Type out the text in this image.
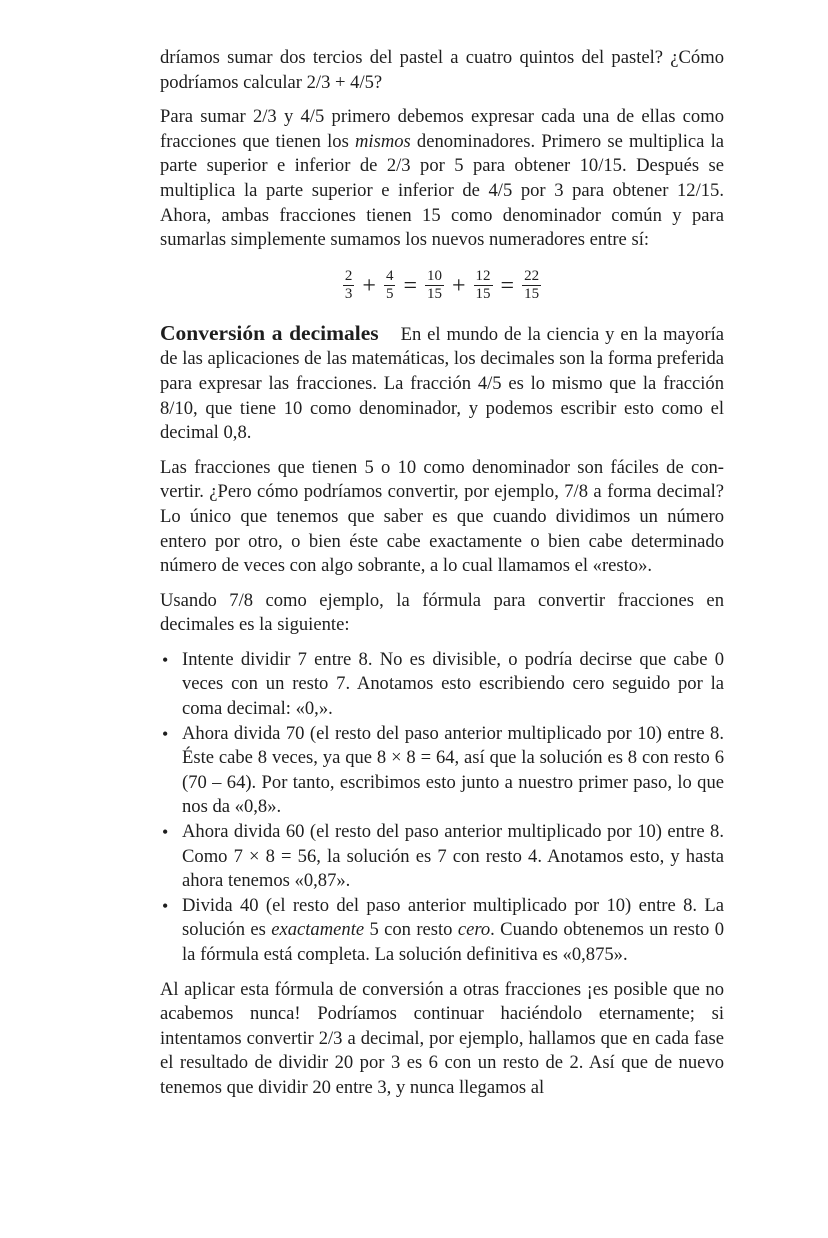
dríamos sumar dos tercios del pastel a cuatro quintos del pastel? ¿Cómo podríamos calcular 2/3 + 4/5?

Para sumar 2/3 y 4/5 primero debemos expresar cada una de ellas como fracciones que tienen los mismos denominadores. Primero se multiplica la parte superior e inferior de 2/3 por 5 para obtener 10/15. Después se multiplica la parte superior e inferior de 4/5 por 3 para obtener 12/15. Ahora, ambas fracciones tienen 15 como denominador común y para sumarlas simplemente sumamos los nuevos numeradores entre sí:

$\frac{2}{3} + \frac{4}{5} = \frac{10}{15} + \frac{12}{15} = \frac{22}{15}$

Conversión a decimales En el mundo de la ciencia y en la mayoría de las aplicaciones de las matemáticas, los decimales son la forma preferida para expresar las fracciones. La fracción 4/5 es lo mismo que la fracción 8/10, que tiene 10 como denominador, y podemos escribir esto como el decimal 0,8.

Las fracciones que tienen 5 o 10 como denominador son fáciles de convertir. ¿Pero cómo podríamos convertir, por ejemplo, 7/8 a forma decimal? Lo único que tenemos que saber es que cuando dividimos un número entero por otro, o bien éste cabe exactamente o bien cabe determinado número de veces con algo sobrante, a lo cual llamamos el «resto».

Usando 7/8 como ejemplo, la fórmula para convertir fracciones en decimales es la siguiente:

• Intente dividir 7 entre 8. No es divisible, o podría decirse que cabe 0 veces con un resto 7. Anotamos esto escribiendo cero seguido por la coma decimal: «0,».
• Ahora divida 70 (el resto del paso anterior multiplicado por 10) entre 8. Éste cabe 8 veces, ya que 8 × 8 = 64, así que la solución es 8 con resto 6 (70 – 64). Por tanto, escribimos esto junto a nuestro primer paso, lo que nos da «0,8».
• Ahora divida 60 (el resto del paso anterior multiplicado por 10) entre 8. Como 7 × 8 = 56, la solución es 7 con resto 4. Anotamos esto, y hasta ahora tenemos «0,87».
• Divida 40 (el resto del paso anterior multiplicado por 10) entre 8. La solución es exactamente 5 con resto cero. Cuando obtenemos un resto 0 la fórmula está completa. La solución definitiva es «0,875».

Al aplicar esta fórmula de conversión a otras fracciones ¡es posible que no acabemos nunca! Podríamos continuar haciéndolo eternamente; si intentamos convertir 2/3 a decimal, por ejemplo, hallamos que en cada fase el resultado de dividir 20 por 3 es 6 con un resto de 2. Así que de nuevo tenemos que dividir 20 entre 3, y nunca llegamos al
